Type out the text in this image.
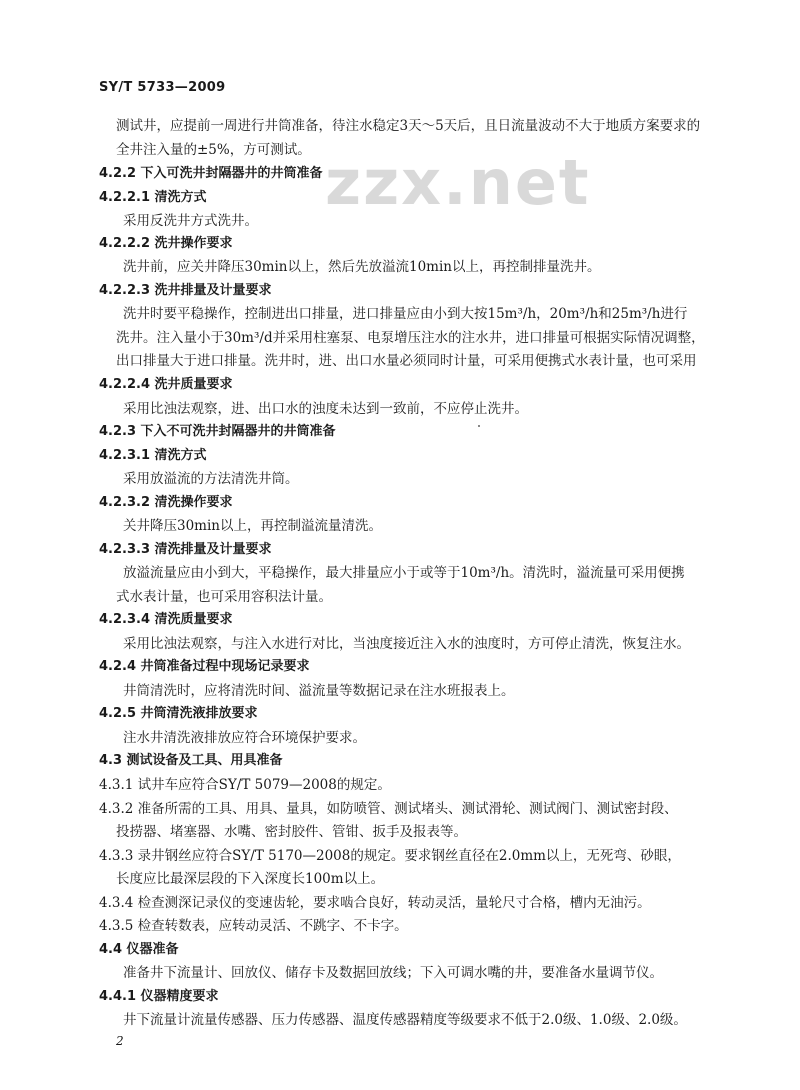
SY/T 5733—2009
zzx.net
测试井，应提前一周进行井筒准备，待注水稳定3天～5天后，且日流量波动不大于地质方案要求的
全井注入量的±5%，方可测试。
4.2.2 下入可洗井封隔器井的井筒准备
4.2.2.1 清洗方式
采用反洗井方式洗井。
4.2.2.2 洗井操作要求
洗井前，应关井降压30min以上，然后先放溢流10min以上，再控制排量洗井。
4.2.2.3 洗井排量及计量要求
洗井时要平稳操作，控制进出口排量，进口排量应由小到大按15m³/h，20m³/h和25m³/h进行
洗井。注入量小于30m³/d并采用柱塞泵、电泵增压注水的注水井，进口排量可根据实际情况调整，
出口排量大于进口排量。洗井时，进、出口水量必须同时计量，可采用便携式水表计量，也可采用
4.2.2.4 洗井质量要求
采用比浊法观察，进、出口水的浊度未达到一致前，不应停止洗井。
4.2.3 下入不可洗井封隔器井的井筒准备
4.2.3.1 清洗方式
采用放溢流的方法清洗井筒。
4.2.3.2 清洗操作要求
关井降压30min以上，再控制溢流量清洗。
4.2.3.3 清洗排量及计量要求
放溢流量应由小到大，平稳操作，最大排量应小于或等于10m³/h。清洗时，溢流量可采用便携
式水表计量，也可采用容积法计量。
4.2.3.4 清洗质量要求
采用比浊法观察，与注入水进行对比，当浊度接近注入水的浊度时，方可停止清洗，恢复注水。
4.2.4 井筒准备过程中现场记录要求
井筒清洗时，应将清洗时间、溢流量等数据记录在注水班报表上。
4.2.5 井筒清洗液排放要求
注水井清洗液排放应符合环境保护要求。
4.3 测试设备及工具、用具准备
4.3.1 试井车应符合SY/T 5079—2008的规定。
4.3.2 准备所需的工具、用具、量具，如防喷管、测试堵头、测试滑轮、测试阀门、测试密封段、
投捞器、堵塞器、水嘴、密封胶件、管钳、扳手及报表等。
4.3.3 录井钢丝应符合SY/T 5170—2008的规定。要求钢丝直径在2.0mm以上，无死弯、砂眼，
长度应比最深层段的下入深度长100m以上。
4.3.4 检查测深记录仪的变速齿轮，要求啮合良好，转动灵活，量轮尺寸合格，槽内无油污。
4.3.5 检查转数表，应转动灵活、不跳字、不卡字。
4.4 仪器准备
准备井下流量计、回放仪、储存卡及数据回放线；下入可调水嘴的井，要准备水量调节仪。
4.4.1 仪器精度要求
井下流量计流量传感器、压力传感器、温度传感器精度等级要求不低于2.0级、1.0级、2.0级。
2
